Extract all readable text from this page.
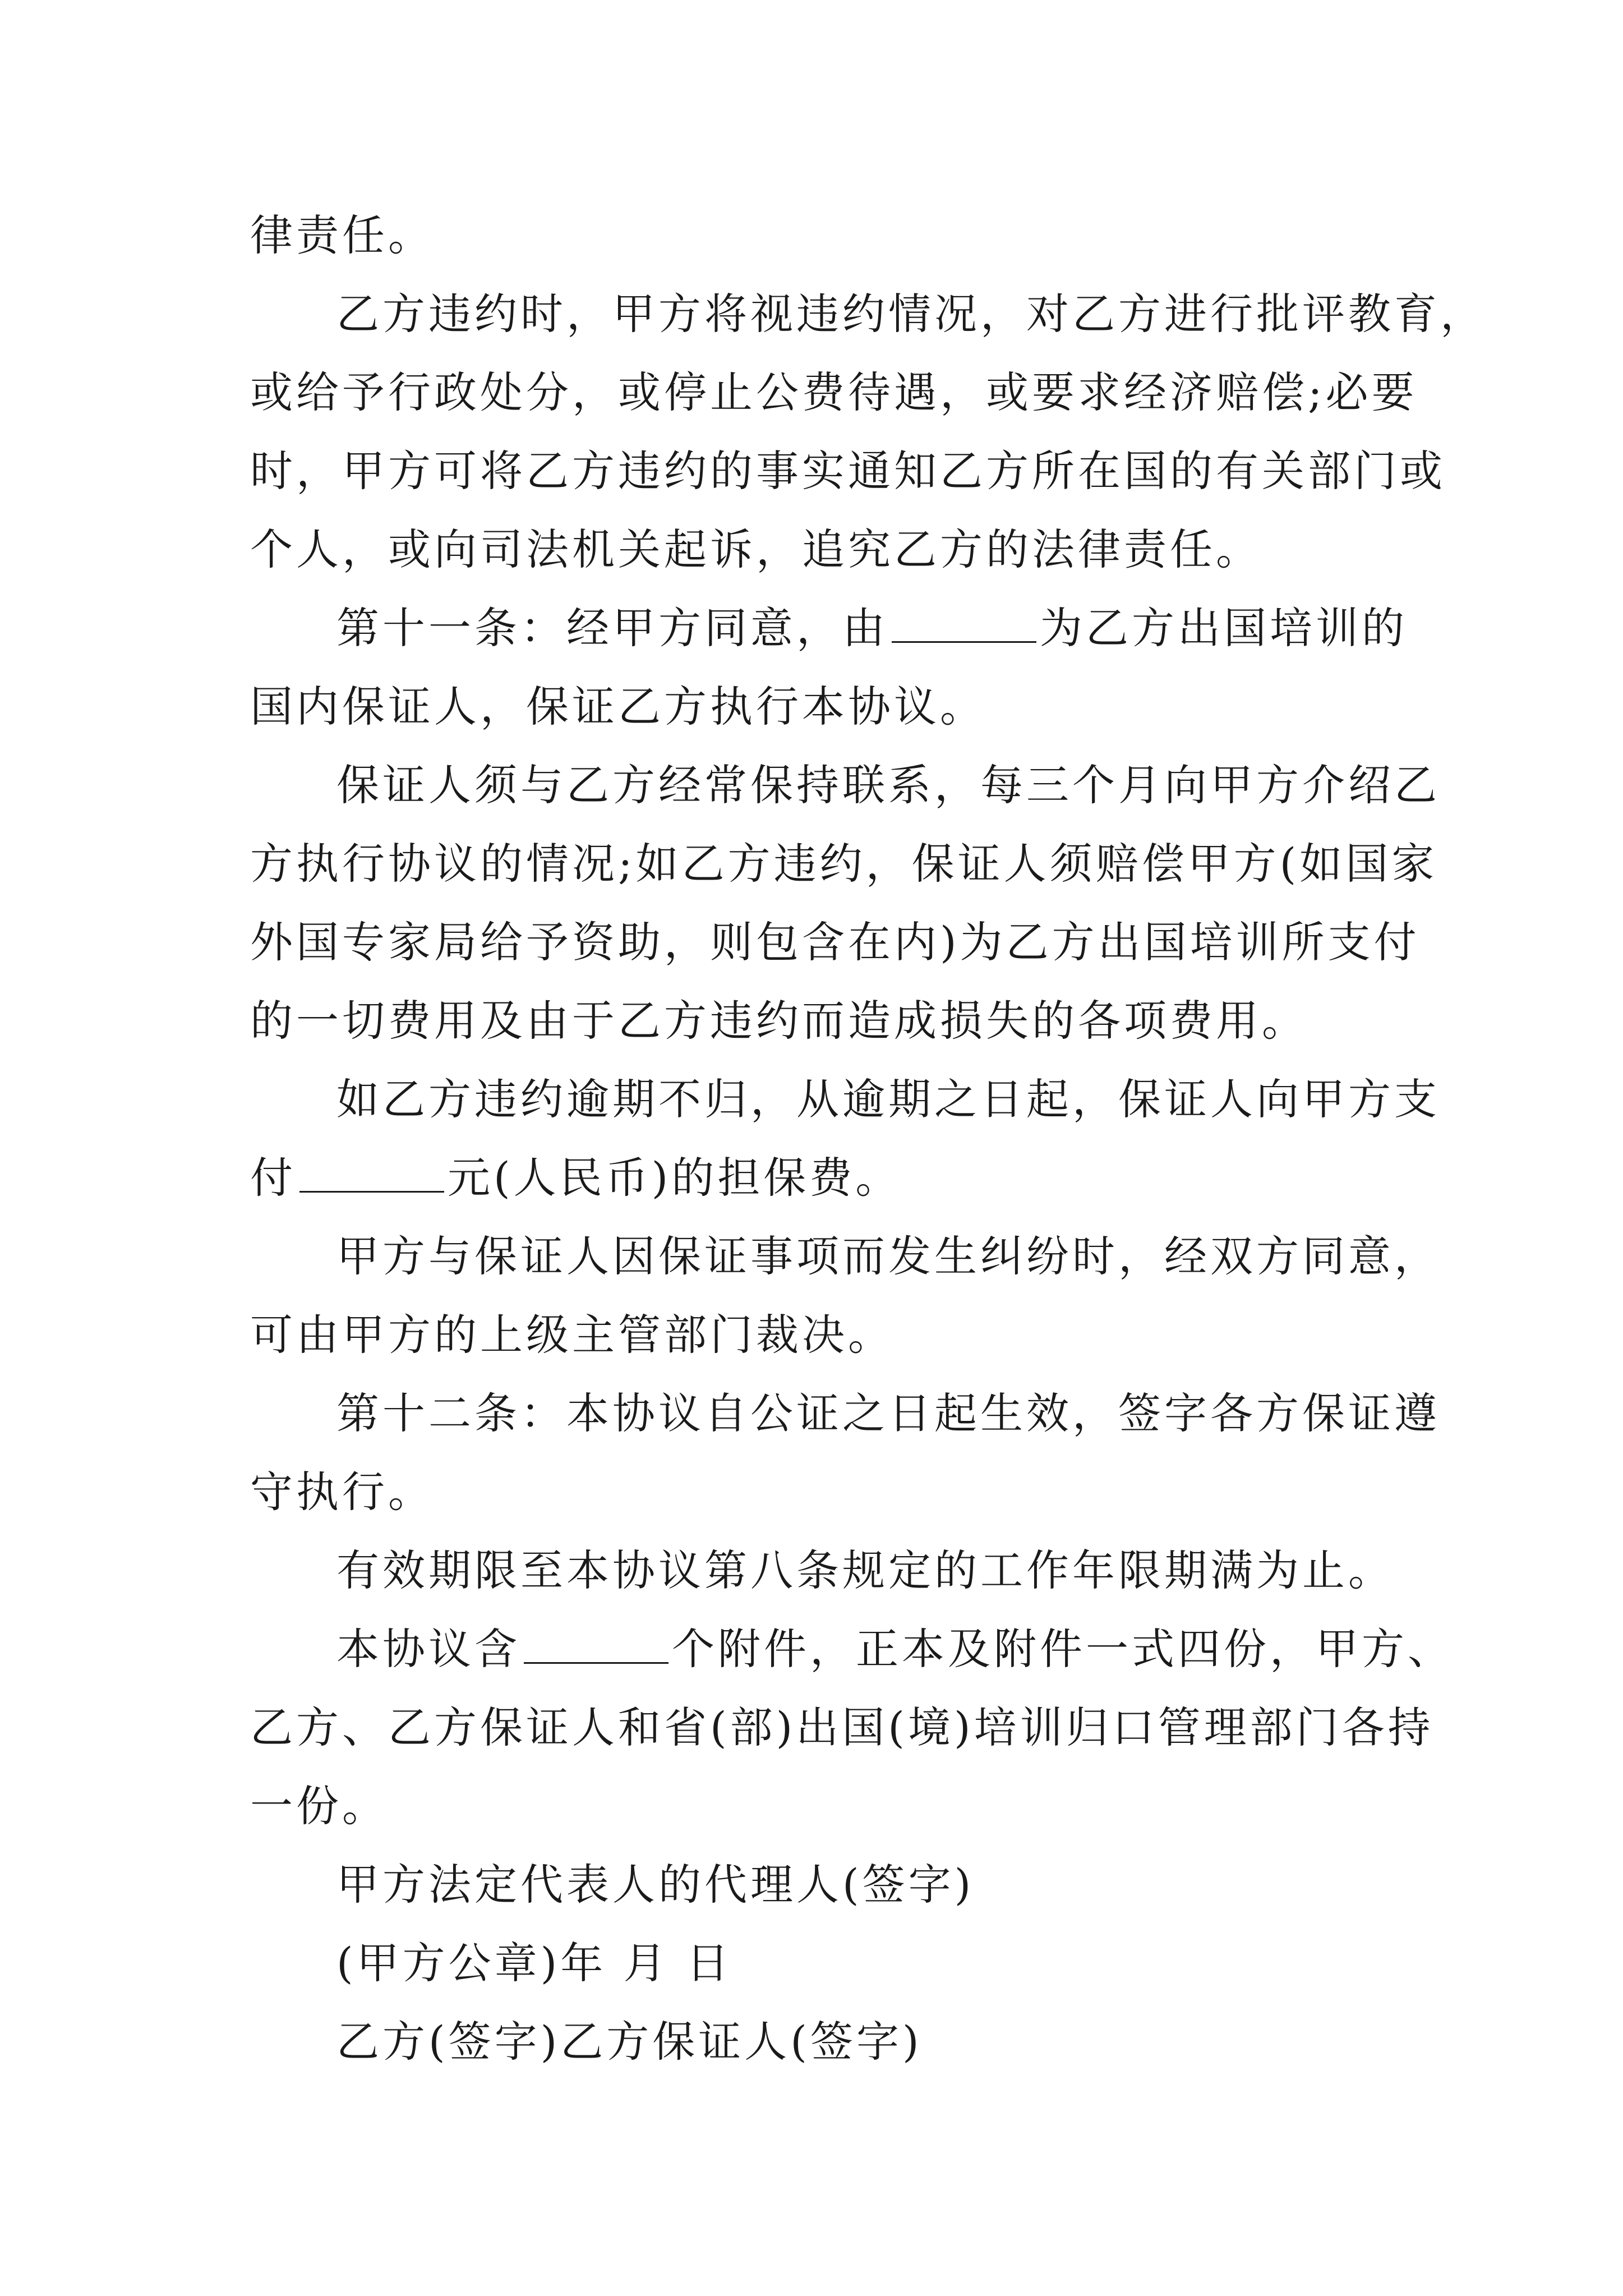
律责任。

乙方违约时，甲方将视违约情况，对乙方进行批评教育，

或给予行政处分，或停止公费待遇，或要求经济赔偿;必要

时，甲方可将乙方违约的事实通知乙方所在国的有关部门或

个人，或向司法机关起诉，追究乙方的法律责任。

第十一条：经甲方同意，由	为乙方出国培训的

国内保证人，保证乙方执行本协议。

保证人须与乙方经常保持联系，每三个月向甲方介绍乙

方执行协议的情况;如乙方违约，保证人须赔偿甲方(如国家

外国专家局给予资助，则包含在内)为乙方出国培训所支付

的一切费用及由于乙方违约而造成损失的各项费用。

如乙方违约逾期不归，从逾期之日起，保证人向甲方支

付	元(人民币)的担保费。

甲方与保证人因保证事项而发生纠纷时，经双方同意，

可由甲方的上级主管部门裁决。

第十二条：本协议自公证之日起生效，签字各方保证遵

守执行。

有效期限至本协议第八条规定的工作年限期满为止。

本协议含	个附件，正本及附件一式四份，甲方、

乙方、乙方保证人和省(部)出国(境)培训归口管理部门各持

一份。

甲方法定代表人的代理人(签字)

(甲方公章)年 月 日

乙方(签字)乙方保证人(签字)
